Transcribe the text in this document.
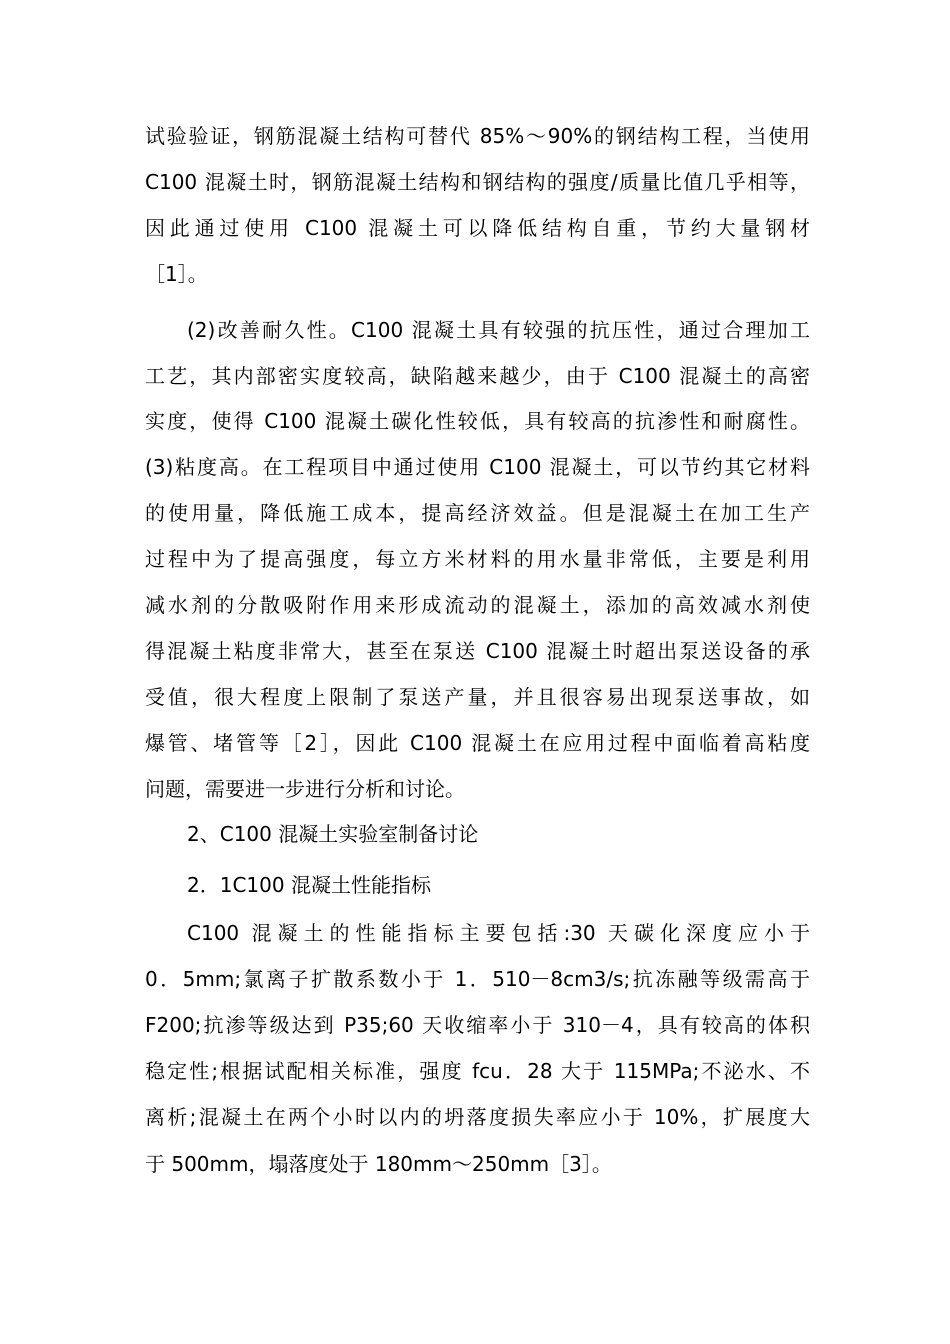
试验验证，钢筋混凝土结构可替代 85%～90%的钢结构工程，当使用
C100 混凝土时，钢筋混凝土结构和钢结构的强度/质量比值几乎相等，
因此通过使用 C100 混凝土可以降低结构自重，节约大量钢材
［1］。
(2)改善耐久性。C100 混凝土具有较强的抗压性，通过合理加工
工艺，其内部密实度较高，缺陷越来越少，由于 C100 混凝土的高密
实度，使得 C100 混凝土碳化性较低，具有较高的抗渗性和耐腐性。
(3)粘度高。在工程项目中通过使用 C100 混凝土，可以节约其它材料
的使用量，降低施工成本，提高经济效益。但是混凝土在加工生产
过程中为了提高强度，每立方米材料的用水量非常低，主要是利用
减水剂的分散吸附作用来形成流动的混凝土，添加的高效减水剂使
得混凝土粘度非常大，甚至在泵送 C100 混凝土时超出泵送设备的承
受值，很大程度上限制了泵送产量，并且很容易出现泵送事故，如
爆管、堵管等［2］，因此 C100 混凝土在应用过程中面临着高粘度
问题，需要进一步进行分析和讨论。
2、C100 混凝土实验室制备讨论
2．1C100 混凝土性能指标
C100 混凝土的性能指标主要包括:30 天碳化深度应小于
0．5mm;氯离子扩散系数小于 1．510－8cm3/s;抗冻融等级需高于
F200;抗渗等级达到 P35;60 天收缩率小于 310－4，具有较高的体积
稳定性;根据试配相关标准，强度 fcu．28 大于 115MPa;不泌水、不
离析;混凝土在两个小时以内的坍落度损失率应小于 10%，扩展度大
于 500mm，塌落度处于 180mm～250mm［3］。
